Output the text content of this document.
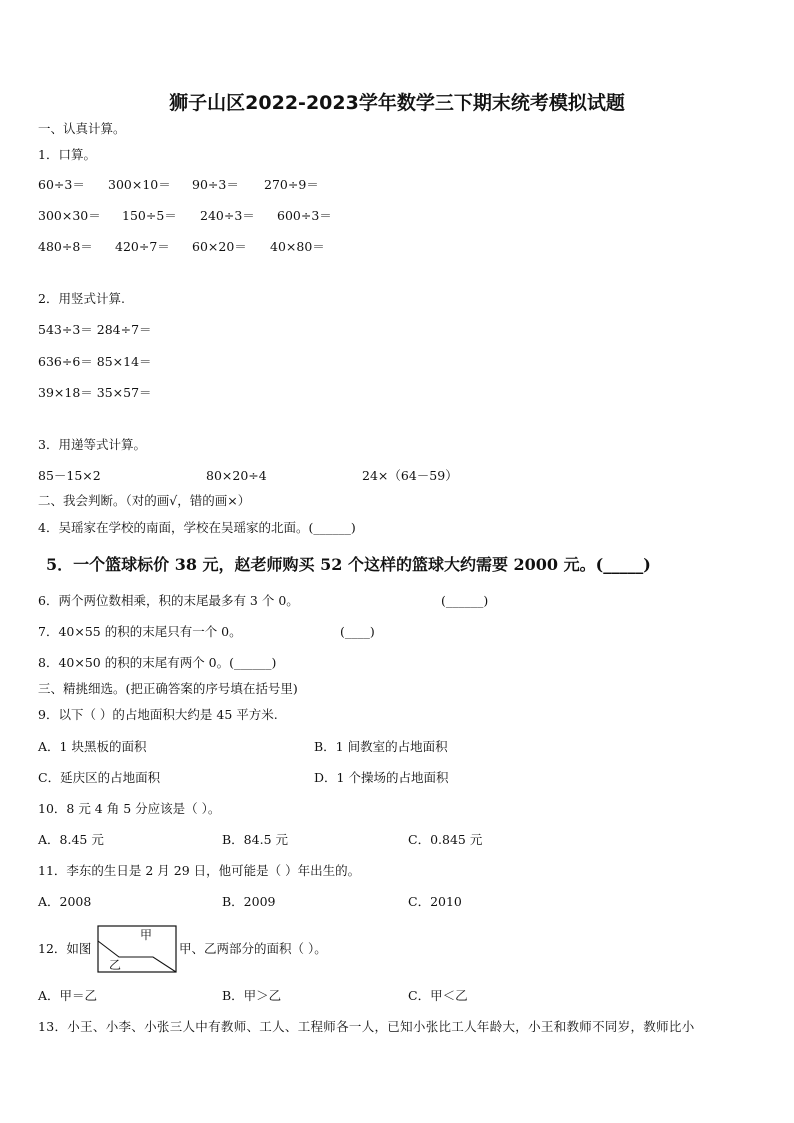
狮子山区2022-2023学年数学三下期末统考模拟试题
一、认真计算。
1．口算。
60÷3＝ 300×10＝ 90÷3＝ 270÷9＝
300×30＝ 150÷5＝ 240÷3＝ 600÷3＝
480÷8＝ 420÷7＝ 60×20＝ 40×80＝
2．用竖式计算.
543÷3＝ 284÷7＝
636÷6＝ 85×14＝
39×18＝ 35×57＝
3．用递等式计算。
85－15×2	80×20÷4	24×（64－59）
二、我会判断。（对的画√，错的画×）
4．吴瑶家在学校的南面，学校在吴瑶家的北面。(______)
5．一个篮球标价 38 元，赵老师购买 52 个这样的篮球大约需要 2000 元。(_____)
6．两个两位数相乘，积的末尾最多有 3 个 0。	(______)
7．40×55 的积的末尾只有一个 0。	(____)
8．40×50 的积的末尾有两个 0。(______)
三、精挑细选。(把正确答案的序号填在括号里)
9．以下（ ）的占地面积大约是 45 平方米.
A．1 块黑板的面积	B．1 间教室的占地面积
C．延庆区的占地面积	D．1 个操场的占地面积
10．8 元 4 角 5 分应该是（ ）。
A．8.45 元	B．84.5 元	C．0.845 元
11．李东的生日是 2 月 29 日，他可能是（ ）年出生的。
A．2008	B．2009	C．2010
12．如图
甲
乙
甲、乙两部分的面积（ ）。
A．甲＝乙	B．甲＞乙	C．甲＜乙
13．小王、小李、小张三人中有教师、工人、工程师各一人，已知小张比工人年龄大，小王和教师不同岁，教师比小
